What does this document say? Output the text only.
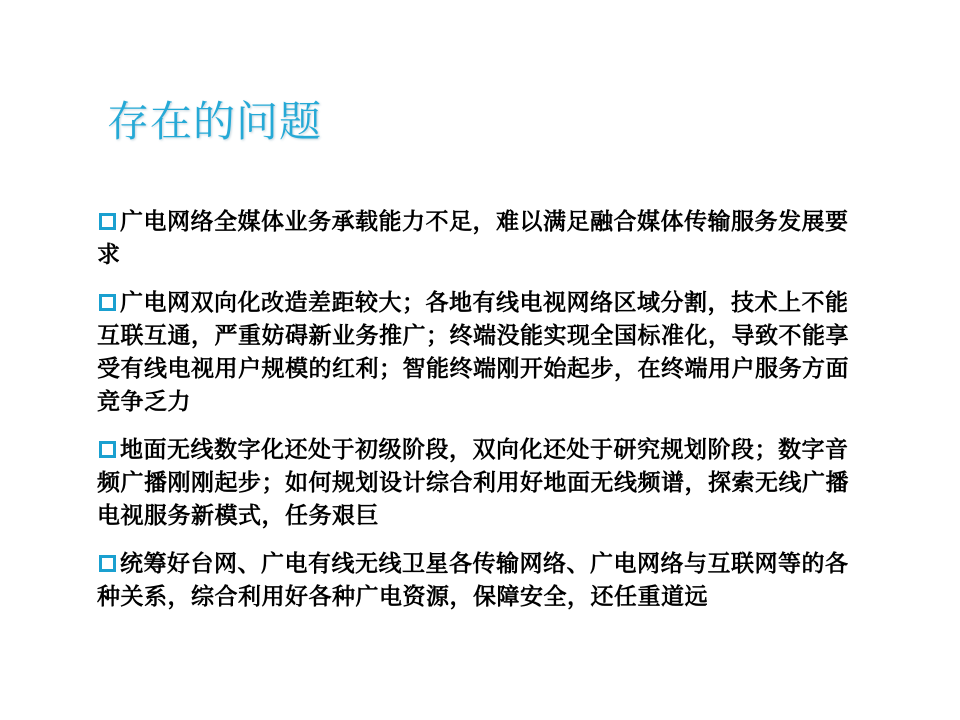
存在的问题
广电网络全媒体业务承载能力不足，难以满足融合媒体传输服务发展要求
广电网双向化改造差距较大；各地有线电视网络区域分割，技术上不能互联互通，严重妨碍新业务推广；终端没能实现全国标准化，导致不能享受有线电视用户规模的红利；智能终端刚开始起步，在终端用户服务方面竞争乏力
地面无线数字化还处于初级阶段，双向化还处于研究规划阶段；数字音频广播刚刚起步；如何规划设计综合利用好地面无线频谱，探索无线广播电视服务新模式，任务艰巨
统筹好台网、广电有线无线卫星各传输网络、广电网络与互联网等的各种关系，综合利用好各种广电资源，保障安全，还任重道远
